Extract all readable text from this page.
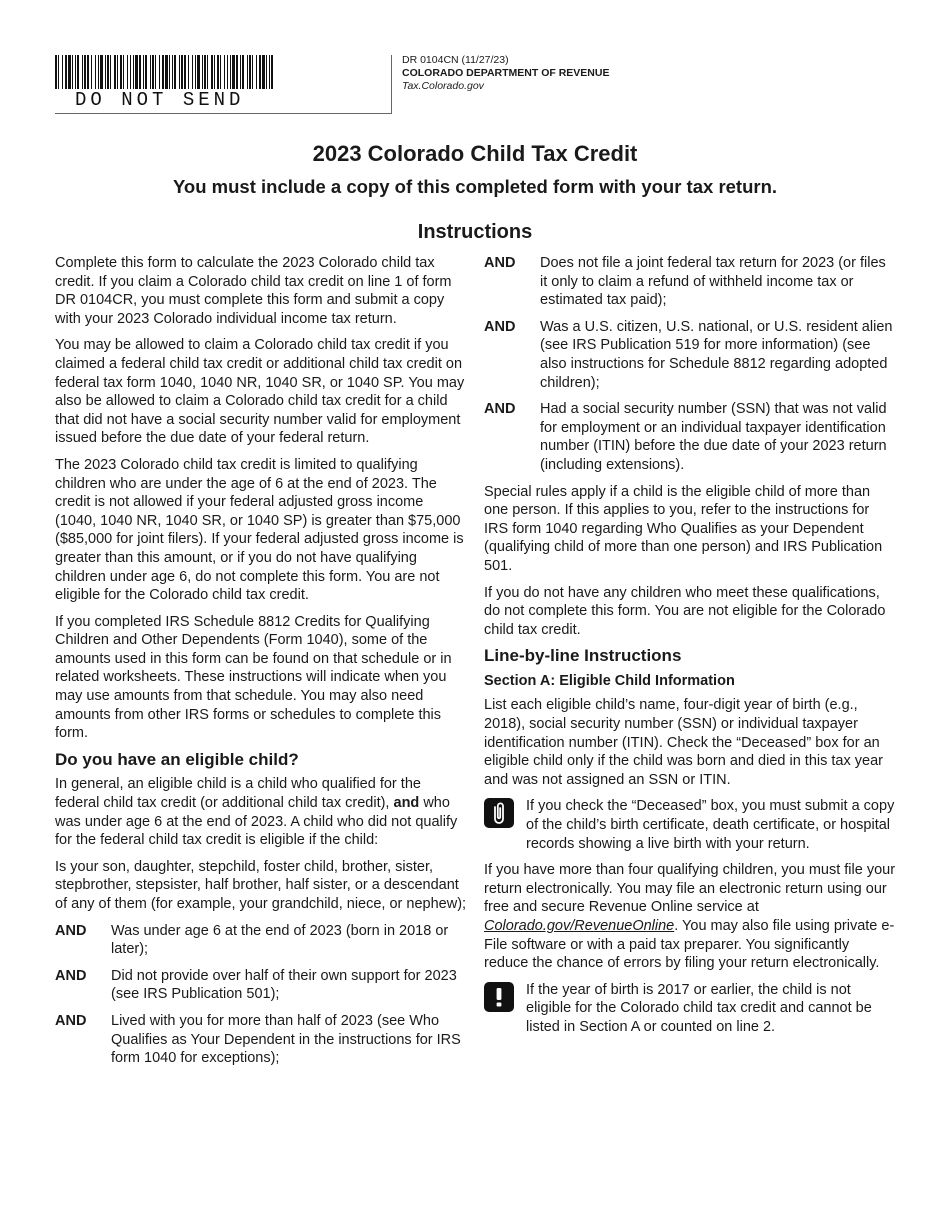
DO NOT SEND
DR 0104CN (11/27/23)
COLORADO DEPARTMENT OF REVENUE
Tax.Colorado.gov
2023 Colorado Child Tax Credit
You must include a copy of this completed form with your tax return.
Instructions

Complete this form to calculate the 2023 Colorado child tax credit. If you claim a Colorado child tax credit on line 1 of form DR 0104CR, you must complete this form and submit a copy with your 2023 Colorado individual income tax return.

You may be allowed to claim a Colorado child tax credit if you claimed a federal child tax credit or additional child tax credit on federal tax form 1040, 1040 NR, 1040 SR, or 1040 SP. You may also be allowed to claim a Colorado child tax credit for a child that did not have a social security number valid for employment issued before the due date of your federal return.

The 2023 Colorado child tax credit is limited to qualifying children who are under the age of 6 at the end of 2023. The credit is not allowed if your federal adjusted gross income (1040, 1040 NR, 1040 SR, or 1040 SP) is greater than $75,000 ($85,000 for joint filers). If your federal adjusted gross income is greater than this amount, or if you do not have qualifying children under age 6, do not complete this form. You are not eligible for the Colorado child tax credit.

If you completed IRS Schedule 8812 Credits for Qualifying Children and Other Dependents (Form 1040), some of the amounts used in this form can be found on that schedule or in related worksheets. These instructions will indicate when you may use amounts from that schedule. You may also need amounts from other IRS forms or schedules to complete this form.

Do you have an eligible child?

In general, an eligible child is a child who qualified for the federal child tax credit (or additional child tax credit), and who was under age 6 at the end of 2023. A child who did not qualify for the federal child tax credit is eligible if the child:

Is your son, daughter, stepchild, foster child, brother, sister, stepbrother, stepsister, half brother, half sister, or a descendant of any of them (for example, your grandchild, niece, or nephew);

AND	Was under age 6 at the end of 2023 (born in 2018 or later);
AND	Did not provide over half of their own support for 2023 (see IRS Publication 501);
AND	Lived with you for more than half of 2023 (see Who Qualifies as Your Dependent in the instructions for IRS form 1040 for exceptions);
AND	Does not file a joint federal tax return for 2023 (or files it only to claim a refund of withheld income tax or estimated tax paid);
AND	Was a U.S. citizen, U.S. national, or U.S. resident alien (see IRS Publication 519 for more information) (see also instructions for Schedule 8812 regarding adopted children);
AND	Had a social security number (SSN) that was not valid for employment or an individual taxpayer identification number (ITIN) before the due date of your 2023 return (including extensions).

Special rules apply if a child is the eligible child of more than one person. If this applies to you, refer to the instructions for IRS form 1040 regarding Who Qualifies as your Dependent (qualifying child of more than one person) and IRS Publication 501.

If you do not have any children who meet these qualifications, do not complete this form. You are not eligible for the Colorado child tax credit.

Line-by-line Instructions
Section A: Eligible Child Information

List each eligible child’s name, four-digit year of birth (e.g., 2018), social security number (SSN) or individual taxpayer identification number (ITIN). Check the “Deceased” box for an eligible child only if the child was born and died in this tax year and was not assigned an SSN or ITIN.

If you check the “Deceased” box, you must submit a copy of the child’s birth certificate, death certificate, or hospital records showing a live birth with your return.

If you have more than four qualifying children, you must file your return electronically. You may file an electronic return using our free and secure Revenue Online service at Colorado.gov/RevenueOnline. You may also file using private e-File software or with a paid tax preparer. You significantly reduce the chance of errors by filing your return electronically.

If the year of birth is 2017 or earlier, the child is not eligible for the Colorado child tax credit and cannot be listed in Section A or counted on line 2.
